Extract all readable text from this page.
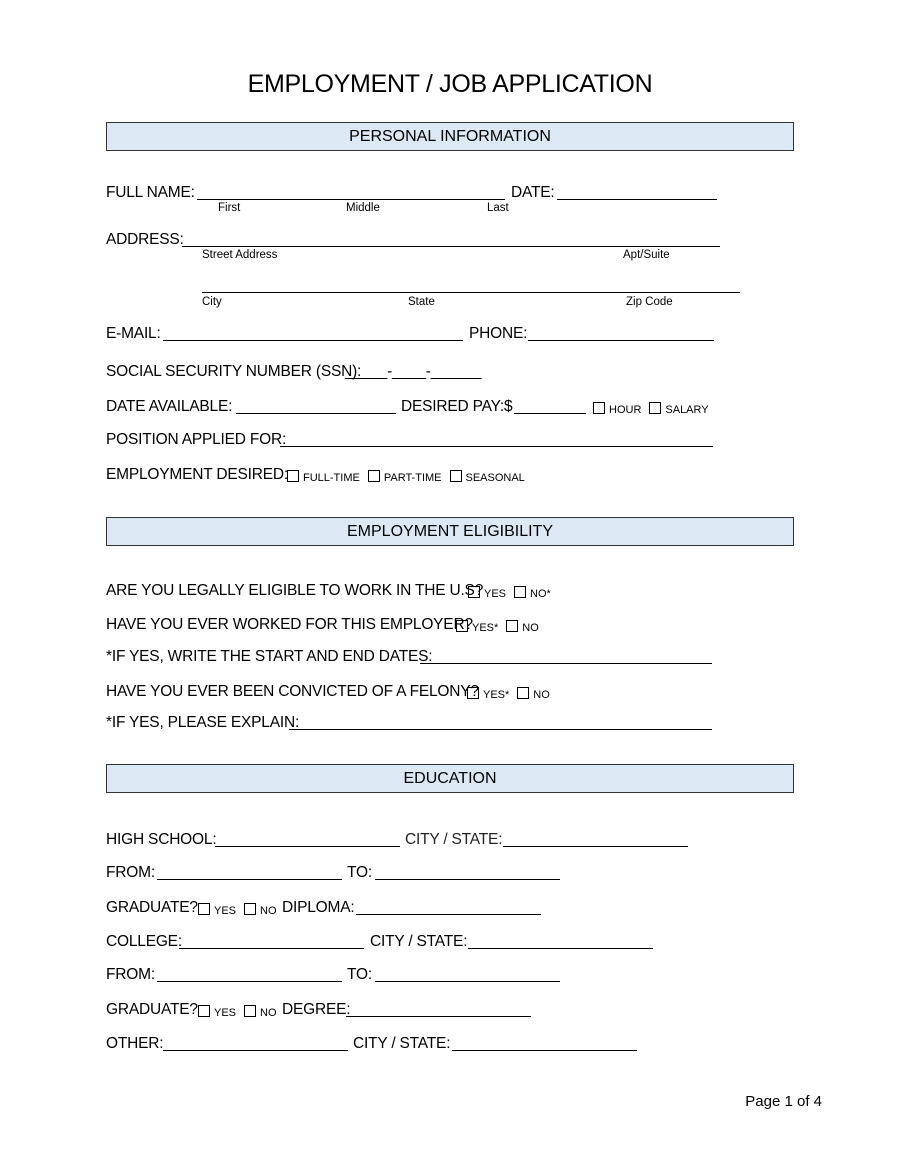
EMPLOYMENT / JOB APPLICATION
PERSONAL INFORMATION
FULL NAME:	DATE:
First	Middle	Last
ADDRESS:
Street Address	Apt/Suite
City	State	Zip Code
E-MAIL:	PHONE:
SOCIAL SECURITY NUMBER (SSN):
_____-____-______
DATE AVAILABLE:	DESIRED PAY: $	HOUR SALARY
POSITION APPLIED FOR:
EMPLOYMENT DESIRED:	FULL-TIME PART-TIME SEASONAL
EMPLOYMENT ELIGIBILITY
ARE YOU LEGALLY ELIGIBLE TO WORK IN THE U.S? YES NO*
HAVE YOU EVER WORKED FOR THIS EMPLOYER? YES* NO
*IF YES, WRITE THE START AND END DATES:
HAVE YOU EVER BEEN CONVICTED OF A FELONY? YES* NO
*IF YES, PLEASE EXPLAIN:
EDUCATION
HIGH SCHOOL:	CITY / STATE:
FROM:	TO:
GRADUATE?	YES NO DIPLOMA:
COLLEGE:	CITY / STATE:
FROM:	TO:
GRADUATE?	YES NO DEGREE:
OTHER:	CITY / STATE:
Page 1 of 4
